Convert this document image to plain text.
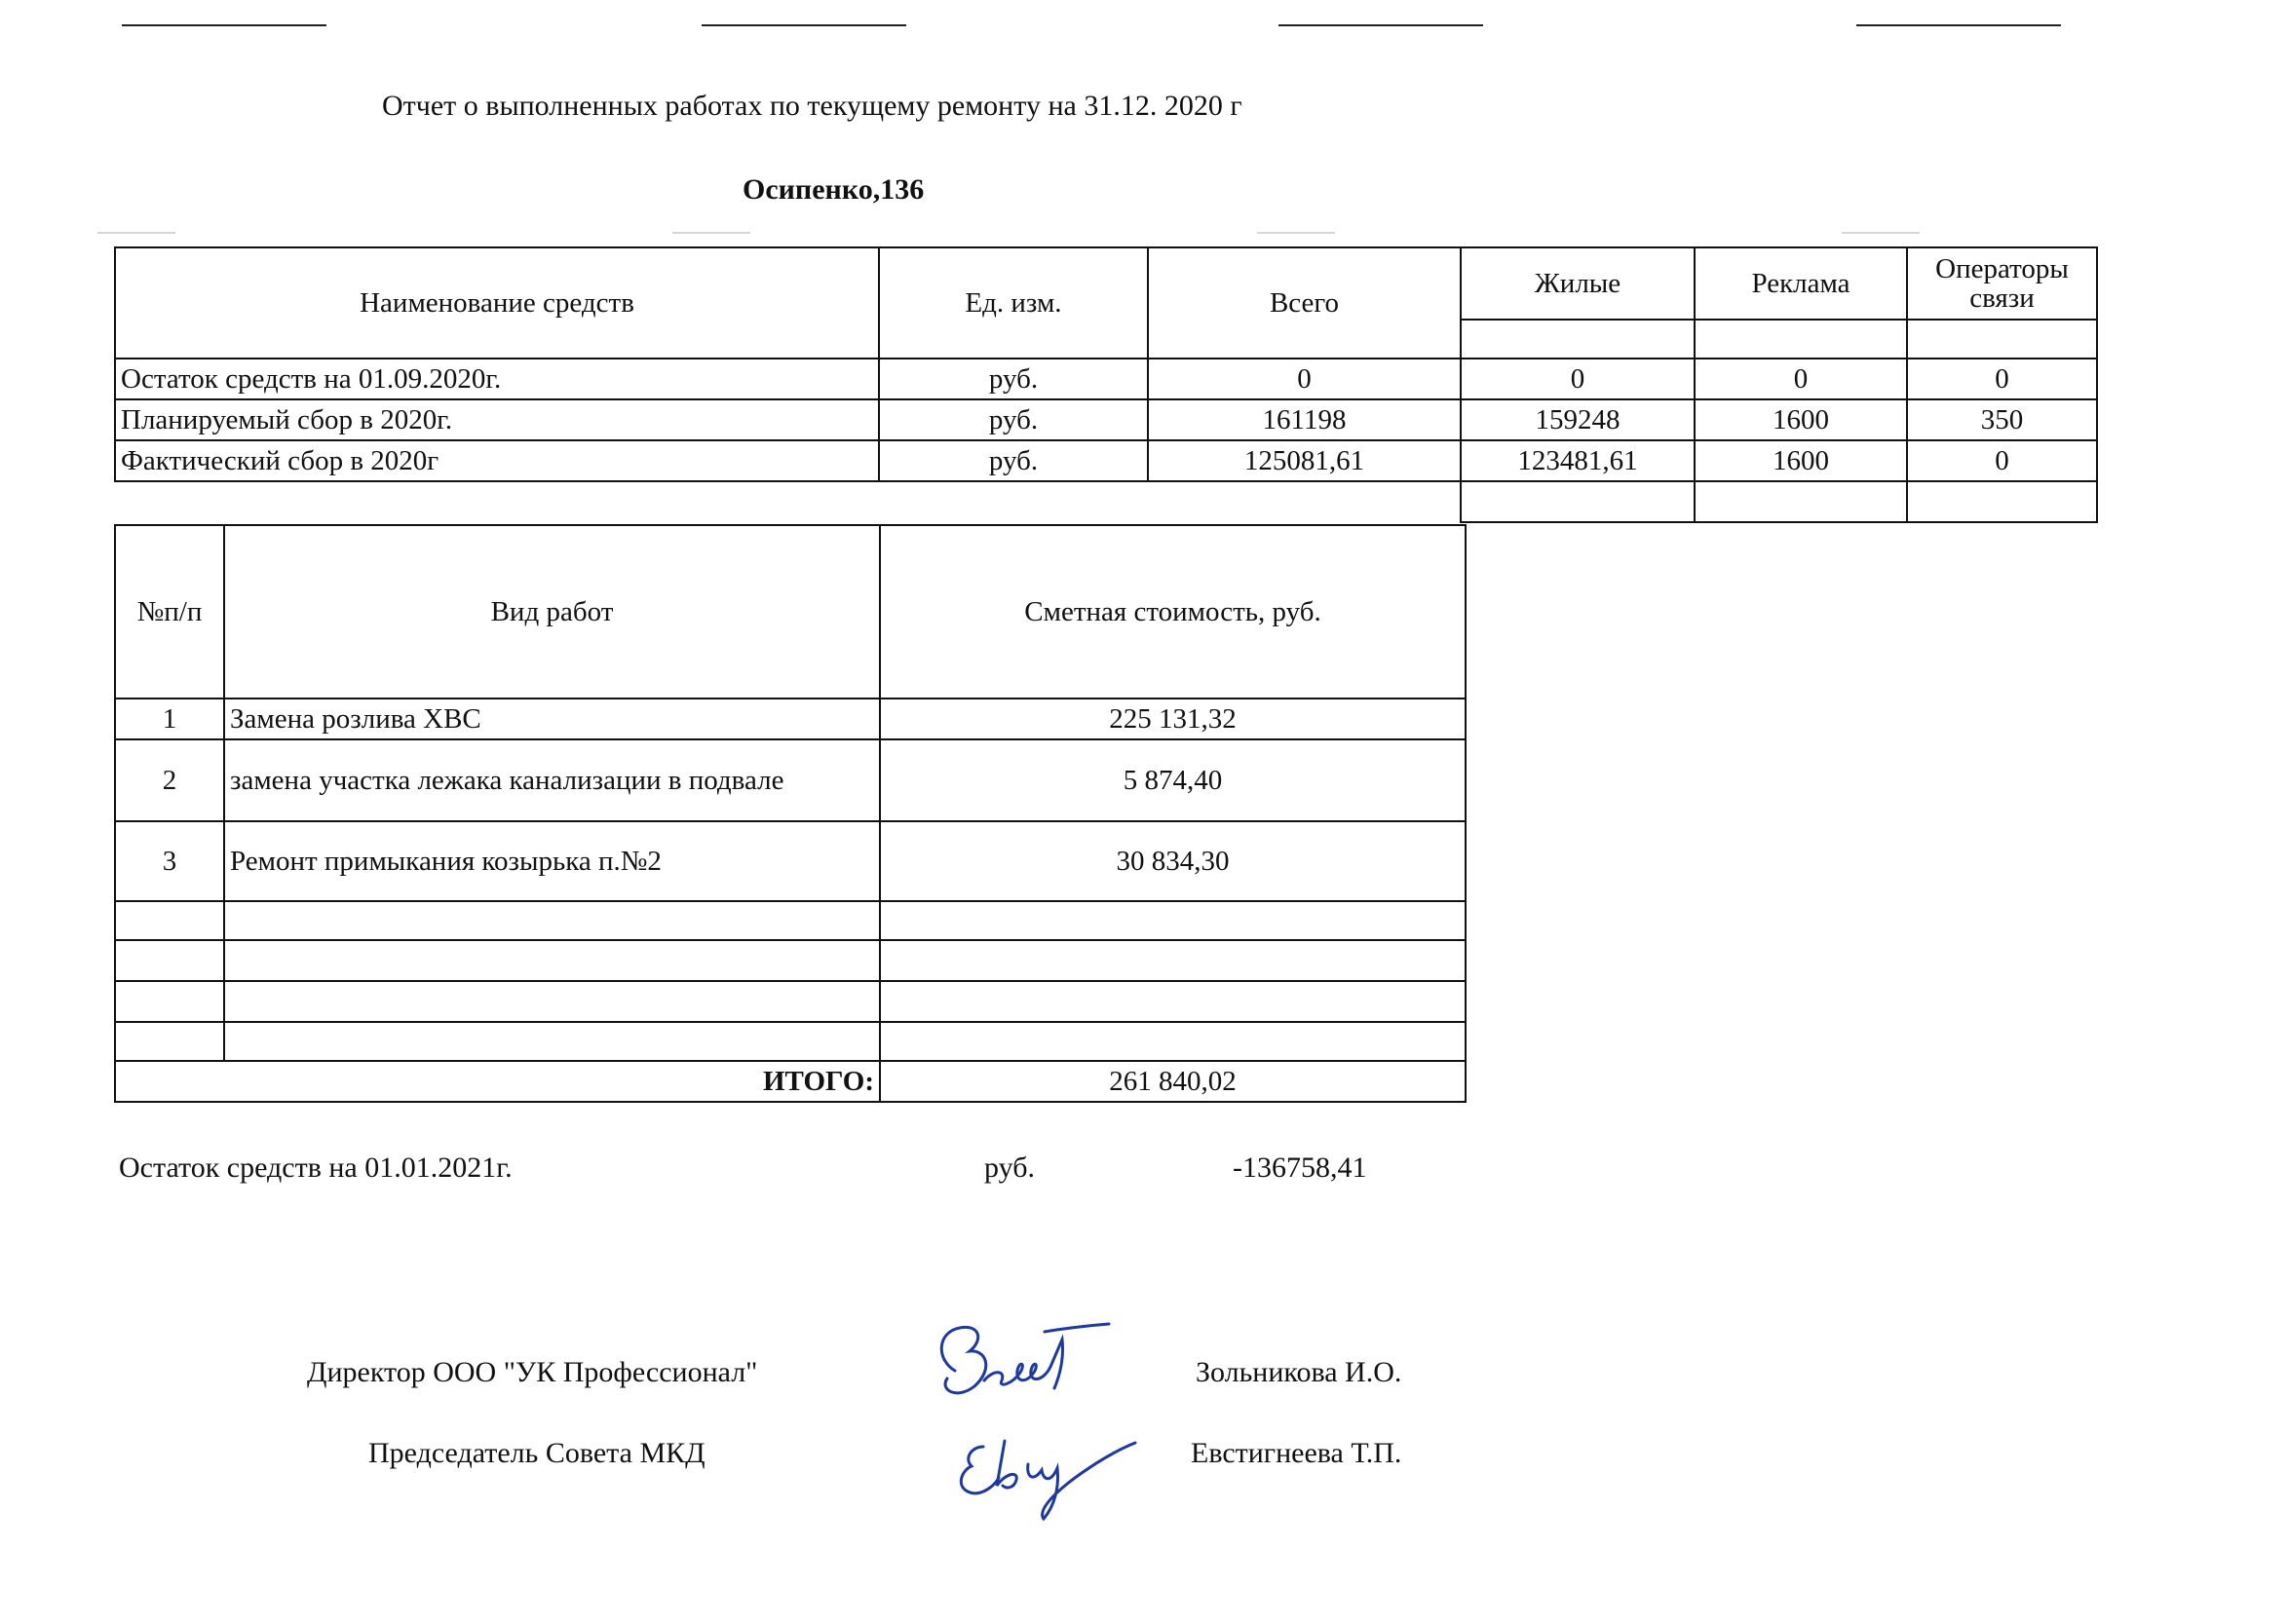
Отчет о выполненных работах по текущему ремонту на 31.12. 2020 г
Осипенко,136
Наименование средств	Ед. изм.	Всего	Жилые	Реклама	Операторы связи

Остаток средств на 01.09.2020г.	руб.	0	0	0	0
Планируемый сбор в 2020г.	руб.	161198	159248	1600	350
Фактический сбор в 2020г	руб.	125081,61	123481,61	1600	0

№п/п	Вид работ	Сметная стоимость, руб.
1	Замена розлива ХВС	225 131,32
2	замена участка лежака канализации в подвале	5 874,40
3	Ремонт примыкания козырька п.№2	30 834,30

ИТОГО:		261 840,02
Остаток средств на 01.01.2021г.	руб.	-136758,41
Директор ООО "УК Профессионал"	Зольникова И.О.
Председатель Совета МКД	Евстигнеева Т.П.
